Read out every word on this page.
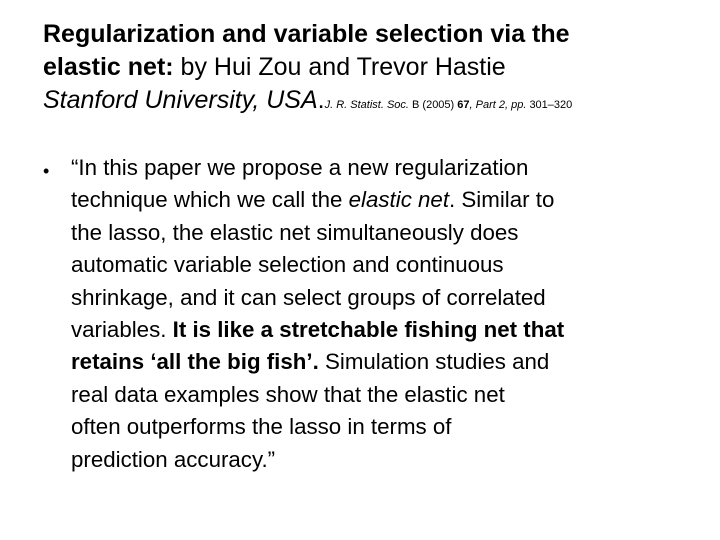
Regularization and variable selection via the
elastic net: by Hui Zou and Trevor Hastie
Stanford University, USA.J. R. Statist. Soc. B (2005) 67, Part 2, pp. 301–320
• “In this paper we propose a new regularization
technique which we call the elastic net. Similar to
the lasso, the elastic net simultaneously does
automatic variable selection and continuous
shrinkage, and it can select groups of correlated
variables. It is like a stretchable fishing net that
retains ‘all the big fish’. Simulation studies and
real data examples show that the elastic net
often outperforms the lasso in terms of
prediction accuracy.”
